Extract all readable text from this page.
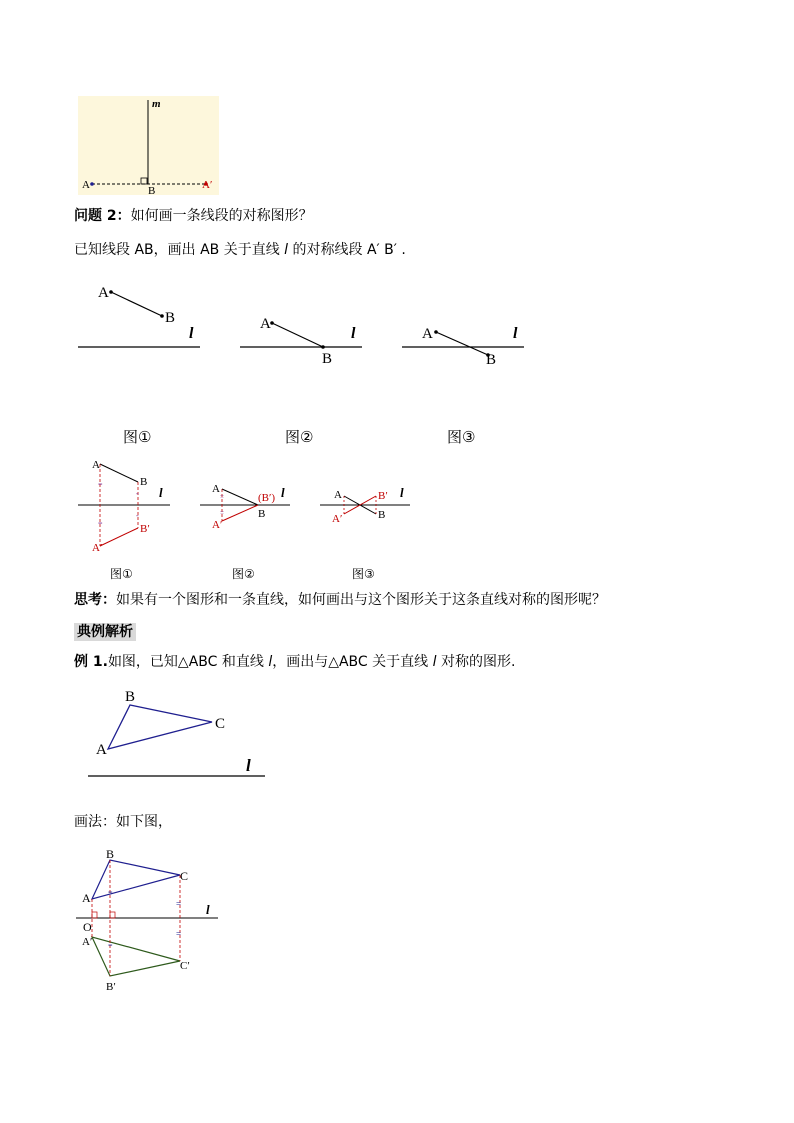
m
A	B	A′
问题 2：如何画一条线段的对称图形？
已知线段 AB，画出 AB 关于直线 l 的对称线段 A′ B′ .
A
B
l
A
B
l	A
B
l
图①	图②	图③
=
=
-
-
A
B
A′
B′
l	=
=
A
B
(B′)
A′
l	A	B′
A′	B
l
图①	图②	图③
思考：如果有一个图形和一条直线，如何画出与这个图形关于这条直线对称的图形呢？
典例解析
例 1.如图，已知△ABC 和直线 l，画出与△ABC 关于直线 l 对称的图形.
A
B
C
l
画法：如下图，
=
=
=
=
A
B
C
O
A′
B′
C′
l
